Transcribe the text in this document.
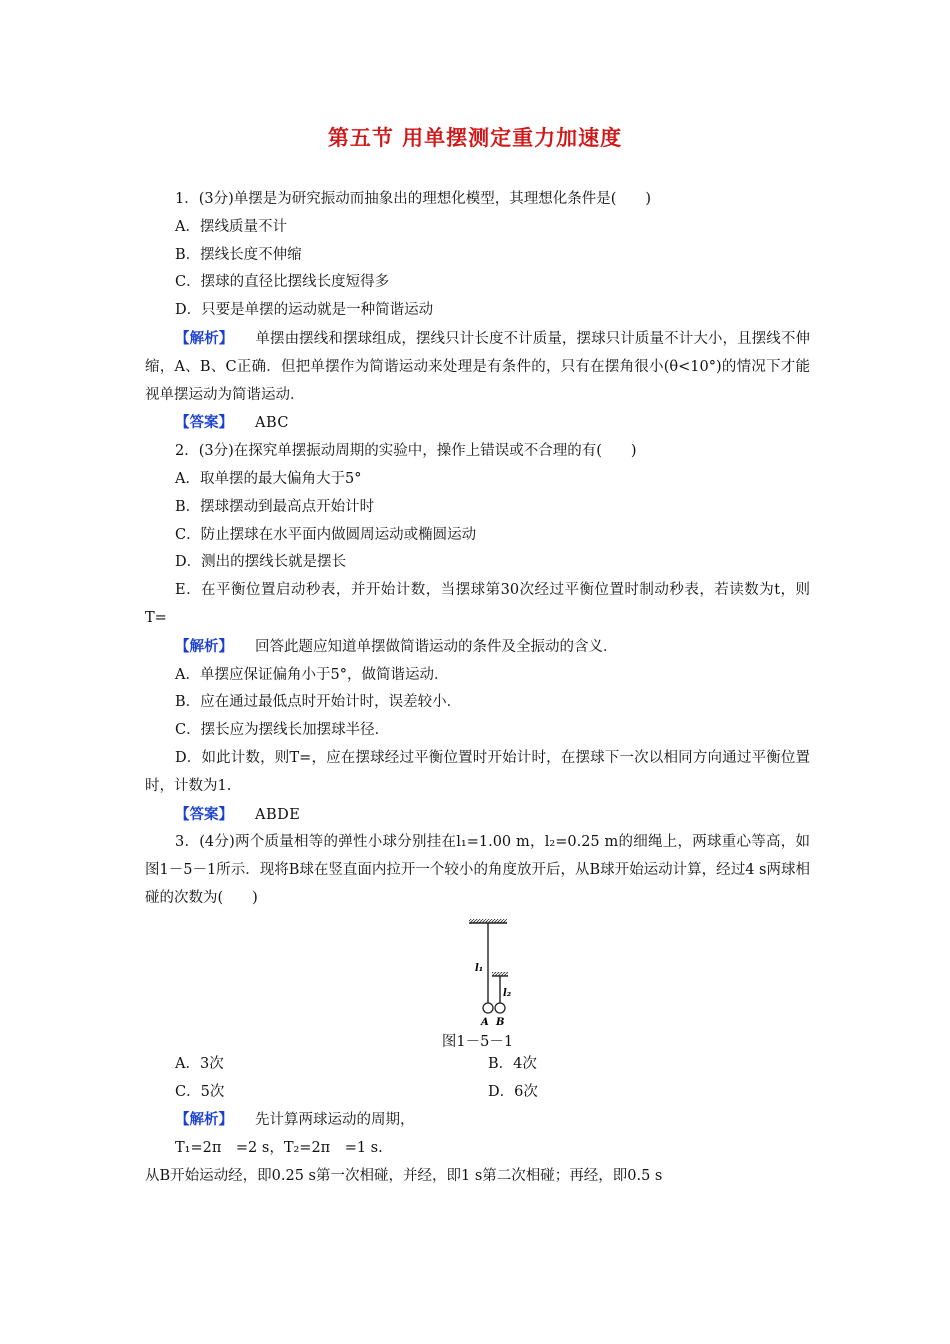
第五节 用单摆测定重力加速度

1．(3分)单摆是为研究振动而抽象出的理想化模型，其理想化条件是(　　)

A．摆线质量不计

B．摆线长度不伸缩

C．摆球的直径比摆线长度短得多

D．只要是单摆的运动就是一种简谐运动

【解析】 单摆由摆线和摆球组成，摆线只计长度不计质量，摆球只计质量不计大小，且摆线不伸缩，A、B、C正确．但把单摆作为简谐运动来处理是有条件的，只有在摆角很小(θ<10°)的情况下才能视单摆运动为简谐运动．

【答案】 ABC

2．(3分)在探究单摆振动周期的实验中，操作上错误或不合理的有(　　)

A．取单摆的最大偏角大于5°

B．摆球摆动到最高点开始计时

C．防止摆球在水平面内做圆周运动或椭圆运动

D．测出的摆线长就是摆长

E．在平衡位置启动秒表，并开始计数，当摆球第30次经过平衡位置时制动秒表，若读数为t，则T=

【解析】 回答此题应知道单摆做简谐运动的条件及全振动的含义．

A．单摆应保证偏角小于5°，做简谐运动．

B．应在通过最低点时开始计时，误差较小．

C．摆长应为摆线长加摆球半径．

D．如此计数，则T=，应在摆球经过平衡位置时开始计时，在摆球下一次以相同方向通过平衡位置时，计数为1.

【答案】 ABDE

3．(4分)两个质量相等的弹性小球分别挂在l₁=1.00 m，l₂=0.25 m的细绳上，两球重心等高，如图1－5－1所示．现将B球在竖直面内拉开一个较小的角度放开后，从B球开始运动计算，经过4 s两球相碰的次数为(　　)

l₁
l₂
A B
图1－5－1
A．3次	B．4次
C．5次	D．6次

【解析】 先计算两球运动的周期，

T₁=2π　=2 s，T₂=2π　=1 s.

从B开始运动经，即0.25 s第一次相碰，并经，即1 s第二次相碰；再经，即0.5 s
